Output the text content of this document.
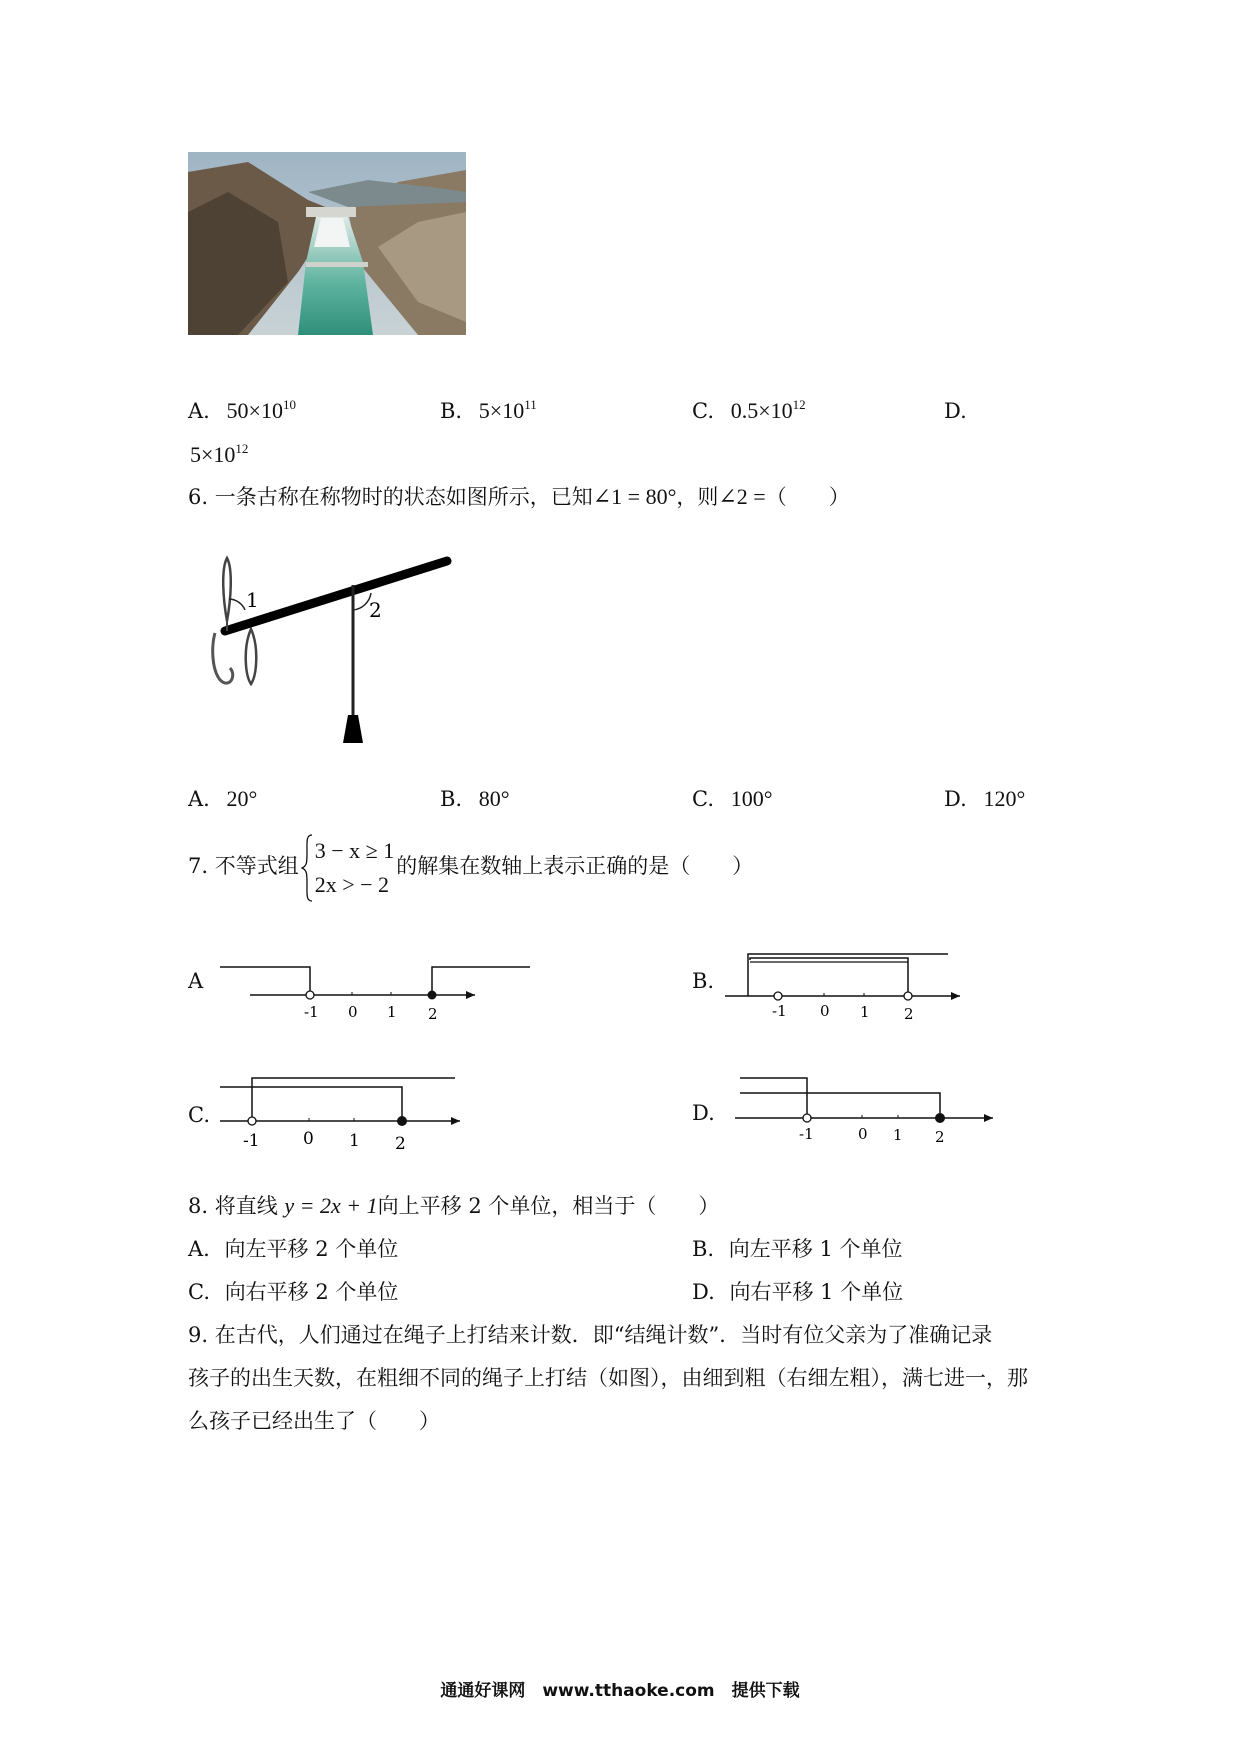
A. $50\times 10^{10}$	B. $5\times 10^{11}$	C. $0.5\times 10^{12}$	D.
$5\times 10^{12}$
6. 一条古称在称物时的状态如图所示，已知∠1 = 80°，则∠2 =（　　）
1	2
A. 20°	B. 80°	C. 100°	D. 120°
7. 不等式组
3 − x ≥ 1
2x > − 2
的解集在数轴上表示正确的是（　　）
A
-1 0 1 2
B.
-1 0 1 2
C.
-1	0 1 2
D.
-1	0 1 2
8. 将直线 y = 2x + 1向上平移 2 个单位，相当于（　　）
A. 向左平移 2 个单位	B. 向左平移 1 个单位
C. 向右平移 2 个单位	D. 向右平移 1 个单位
9. 在古代，人们通过在绳子上打结来计数．即“结绳计数”．当时有位父亲为了准确记录
孩子的出生天数，在粗细不同的绳子上打结（如图），由细到粗（右细左粗），满七进一，那
么孩子已经出生了（　　）
通通好课网　www.tthaoke.com　提供下载
